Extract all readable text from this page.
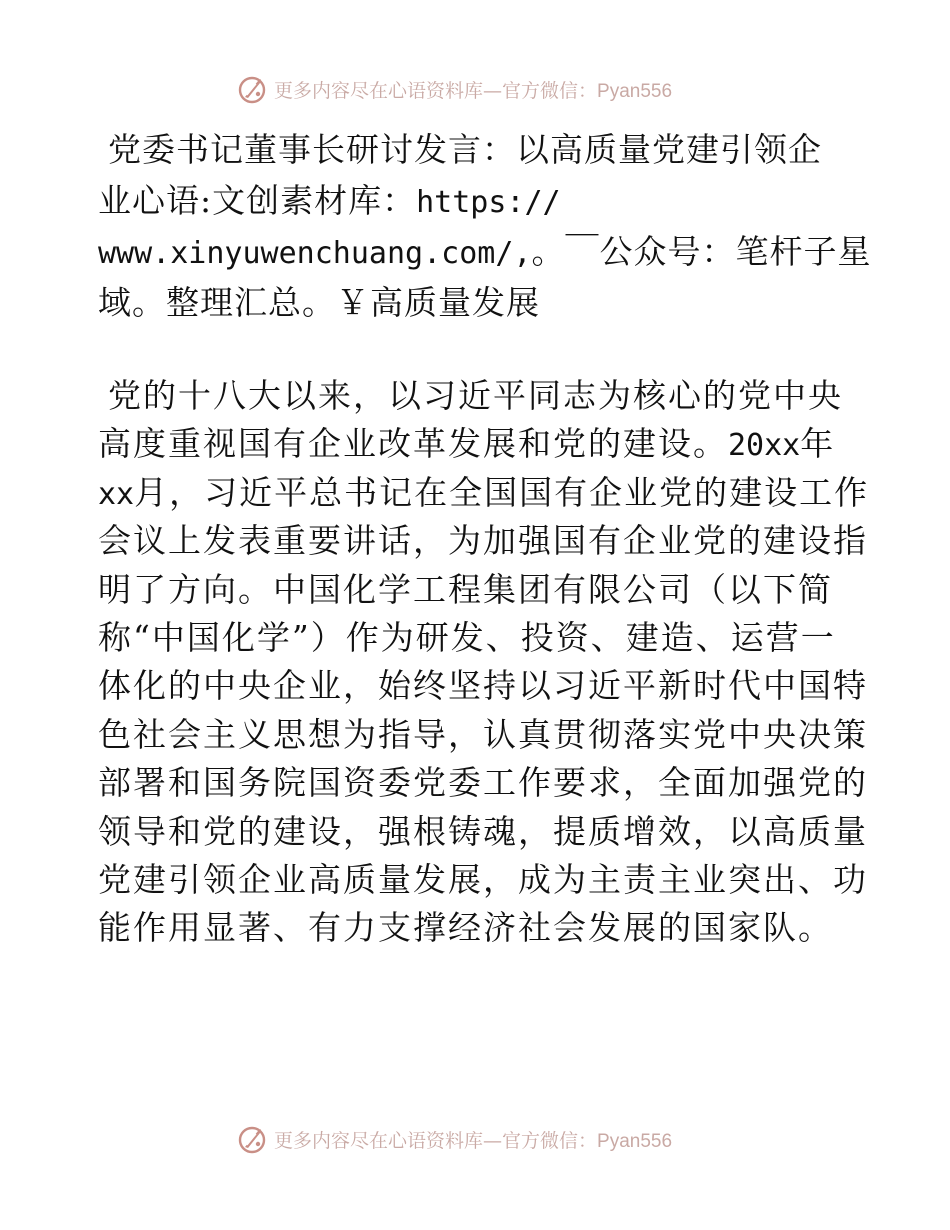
更多内容尽在心语资料库—官方微信：Pyan556
党委书记董事长研讨发言：以高质量党建引领企
业心语:文创素材库：https://
www.xinyuwenchuang.com/,。￣公众号：笔杆子星
域。整理汇总。￥高质量发展
党的十八大以来，以习近平同志为核心的党中央
高度重视国有企业改革发展和党的建设。20xx年
xx月，习近平总书记在全国国有企业党的建设工作
会议上发表重要讲话，为加强国有企业党的建设指
明了方向。中国化学工程集团有限公司（以下简
称“中国化学”）作为研发、投资、建造、运营一
体化的中央企业，始终坚持以习近平新时代中国特
色社会主义思想为指导，认真贯彻落实党中央决策
部署和国务院国资委党委工作要求，全面加强党的
领导和党的建设，强根铸魂，提质增效，以高质量
党建引领企业高质量发展，成为主责主业突出、功
能作用显著、有力支撑经济社会发展的国家队。
更多内容尽在心语资料库—官方微信：Pyan556
